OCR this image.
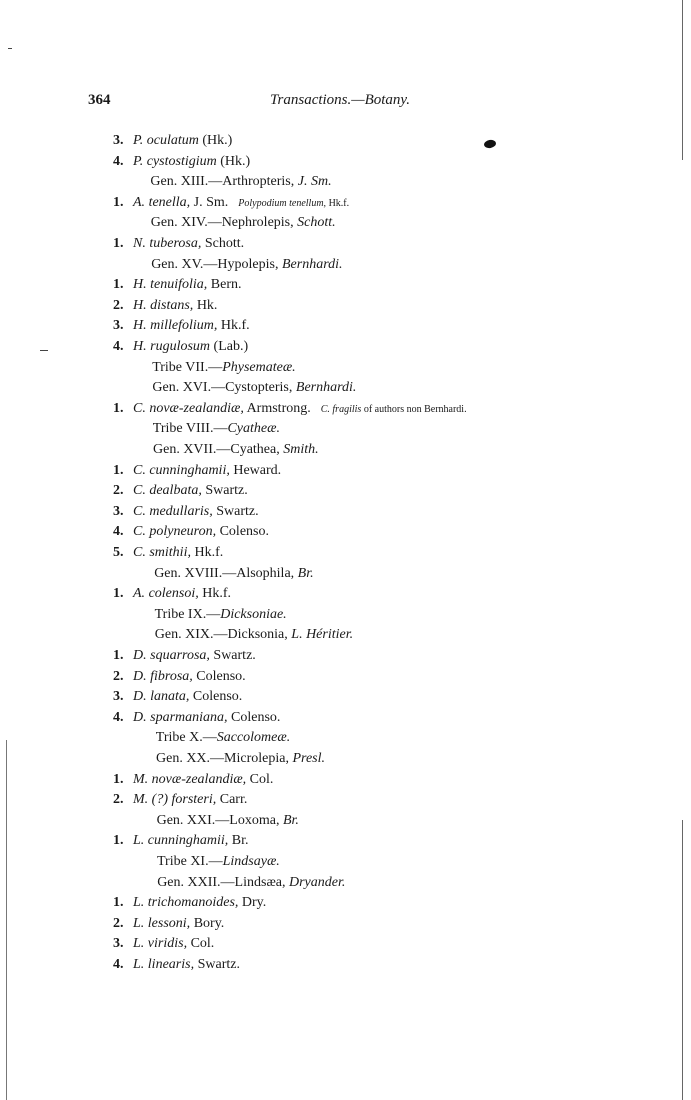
364	Transactions.—Botany.
3. P. oculatum (Hk.)
4. P. cystostigium (Hk.)
Gen. XIII.—Arthropteris, J. Sm.
1. A. tenella, J. Sm. Polypodium tenellum, Hk.f.
Gen. XIV.—Nephrolepis, Schott.
1. N. tuberosa, Schott.
Gen. XV.—Hypolepis, Bernhardi.
1. H. tenuifolia, Bern.
2. H. distans, Hk.
3. H. millefolium, Hk.f.
4. H. rugulosum (Lab.)
Tribe VII.—Physemateæ.
Gen. XVI.—Cystopteris, Bernhardi.
1. C. novæ-zealandiæ, Armstrong. C. fragilis of authors non Bernhardi.
Tribe VIII.—Cyatheæ.
Gen. XVII.—Cyathea, Smith.
1. C. cunninghamii, Heward.
2. C. dealbata, Swartz.
3. C. medullaris, Swartz.
4. C. polyneuron, Colenso.
5. C. smithii, Hk.f.
Gen. XVIII.—Alsophila, Br.
1. A. colensoi, Hk.f.
Tribe IX.—Dicksoniae.
Gen. XIX.—Dicksonia, L. Héritier.
1. D. squarrosa, Swartz.
2. D. fibrosa, Colenso.
3. D. lanata, Colenso.
4. D. sparmaniana, Colenso.
Tribe X.—Saccolomeæ.
Gen. XX.—Microlepia, Presl.
1. M. novæ-zealandiæ, Col.
2. M. (?) forsteri, Carr.
Gen. XXI.—Loxoma, Br.
1. L. cunninghamii, Br.
Tribe XI.—Lindsayæ.
Gen. XXII.—Lindsæa, Dryander.
1. L. trichomanoides, Dry.
2. L. lessoni, Bory.
3. L. viridis, Col.
4. L. linearis, Swartz.
